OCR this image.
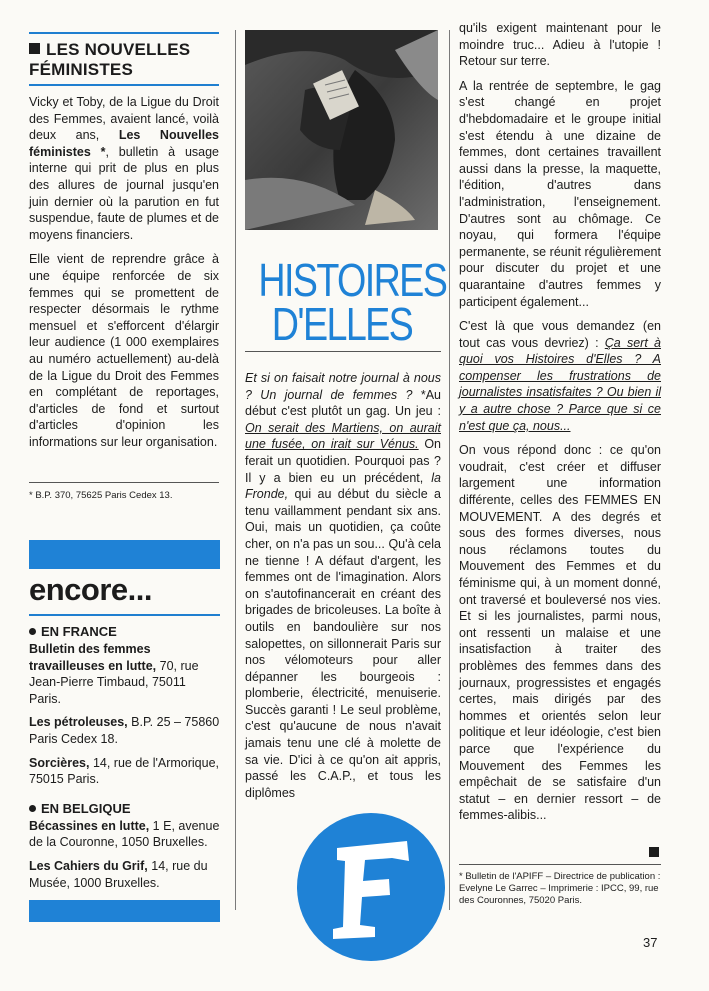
LES NOUVELLES FÉMINISTES

Vicky et Toby, de la Ligue du Droit des Femmes, avaient lancé, voilà deux ans, Les Nouvelles féministes *, bulletin à usage interne qui prit de plus en plus des allures de journal jusqu'en juin dernier où la parution en fut suspendue, faute de plumes et de moyens financiers.

Elle vient de reprendre grâce à une équipe renforcée de six femmes qui se promettent de respecter désormais le rythme mensuel et s'efforcent d'élargir leur audience (1 000 exemplaires au numéro actuellement) au-delà de la Ligue du Droit des Femmes en complétant de reportages, d'articles de fond et surtout d'articles d'opinion les informations sur leur organisation.

* B.P. 370, 75625 Paris Cedex 13.
encore...
EN FRANCE
Bulletin des femmes travailleuses en lutte, 70, rue Jean-Pierre Timbaud, 75011 Paris.
Les pétroleuses, B.P. 25 – 75860 Paris Cedex 18.
Sorcières, 14, rue de l'Armorique, 75015 Paris.
EN BELGIQUE
Bécassines en lutte, 1 E, avenue de la Couronne, 1050 Bruxelles.
Les Cahiers du Grif, 14, rue du Musée, 1000 Bruxelles.
HISTOIRES
D'ELLES

Et si on faisait notre journal à nous ? Un journal de femmes ? *Au début c'est plutôt un gag. Un jeu : On serait des Martiens, on aurait une fusée, on irait sur Vénus. On ferait un quotidien. Pourquoi pas ? Il y a bien eu un précédent, la Fronde, qui au début du siècle a tenu vaillamment pendant six ans. Oui, mais un quotidien, ça coûte cher, on n'a pas un sou... Qu'à cela ne tienne ! A défaut d'argent, les femmes ont de l'imagination. Alors on s'autofinancerait en créant des brigades de bricoleuses. La boîte à outils en bandoulière sur nos salopettes, on sillonnerait Paris sur nos vélomoteurs pour aller dépanner les bourgeois : plomberie, électricité, menuiserie. Succès garanti ! Le seul problème, c'est qu'aucune de nous n'avait jamais tenu une clé à molette de sa vie. D'ici à ce qu'on ait appris, passé les C.A.P., et tous les diplômes

qu'ils exigent maintenant pour le moindre truc... Adieu à l'utopie ! Retour sur terre.

A la rentrée de septembre, le gag s'est changé en projet d'hebdomadaire et le groupe initial s'est étendu à une dizaine de femmes, dont certaines travaillent aussi dans la presse, la maquette, l'édition, d'autres dans l'administration, l'enseignement. D'autres sont au chômage. Ce noyau, qui formera l'équipe permanente, se réunit régulièrement pour discuter du projet et une quarantaine d'autres femmes y participent également...

C'est là que vous demandez (en tout cas vous devriez) : Ça sert à quoi vos Histoires d'Elles ? A compenser les frustrations de journalistes insatisfaites ? Ou bien il y a autre chose ? Parce que si ce n'est que ça, nous...

On vous répond donc : ce qu'on voudrait, c'est créer et diffuser largement une information différente, celles des FEMMES EN MOUVEMENT. A des degrés et sous des formes diverses, nous nous réclamons toutes du Mouvement des Femmes et du féminisme qui, à un moment donné, ont traversé et bouleversé nos vies. Et si les journalistes, parmi nous, ont ressenti un malaise et une insatisfaction à traiter des problèmes des femmes dans des journaux, progressistes et engagés certes, mais dirigés par des hommes et orientés selon leur politique et leur idéologie, c'est bien parce que l'expérience du Mouvement des Femmes les empêchait de se satisfaire d'un statut – en dernier ressort – de femmes-alibis...

* Bulletin de l'APIFF – Directrice de publication : Evelyne Le Garrec – Imprimerie : IPCC, 99, rue des Couronnes, 75020 Paris.
37
